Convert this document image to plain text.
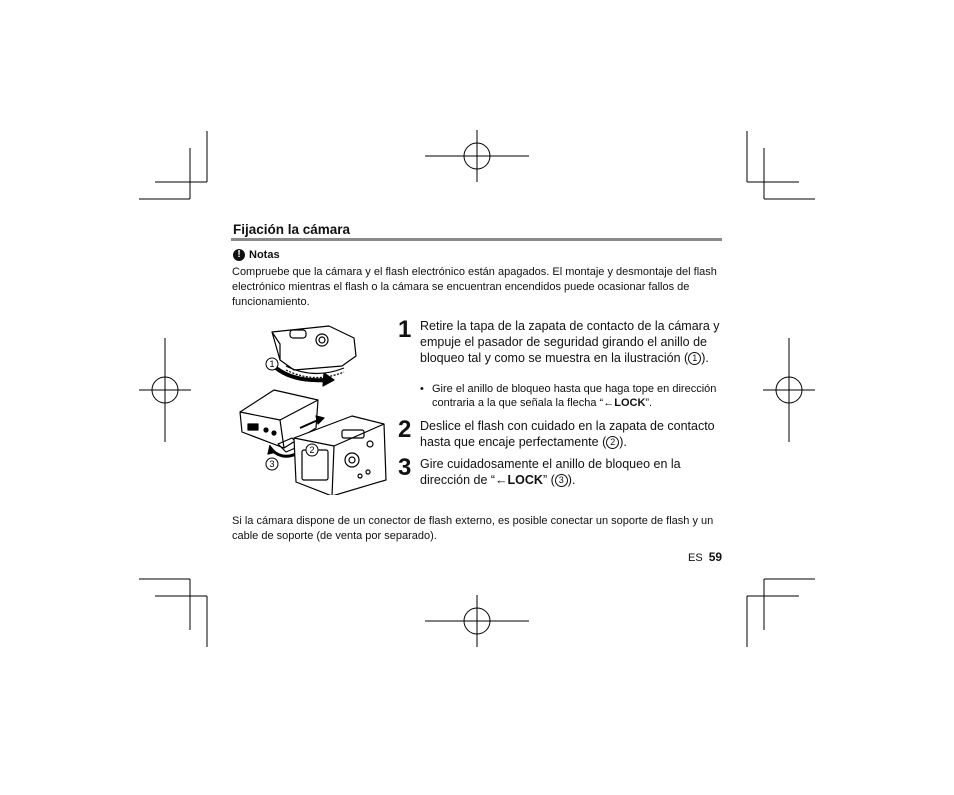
Fijación la cámara
! Notas
Compruebe que la cámara y el flash electrónico están apagados. El montaje y desmontaje del flash electrónico mientras el flash o la cámara se encuentran encendidos puede ocasionar fallos de funcionamiento.
1
2
3
1 Retire la tapa de la zapata de contacto de la cámara y empuje el pasador de seguridad girando el anillo de bloqueo tal y como se muestra en la ilustración ( 1 ).
• Gire el anillo de bloqueo hasta que haga tope en dirección contraria a la que señala la flecha “←LOCK”.
2 Deslice el flash con cuidado en la zapata de contacto hasta que encaje perfectamente ( 2 ).
3 Gire cuidadosamente el anillo de bloqueo en la dirección de “←LOCK” ( 3 ).
Si la cámara dispone de un conector de flash externo, es posible conectar un soporte de flash y un cable de soporte (de venta por separado).
ES 59
